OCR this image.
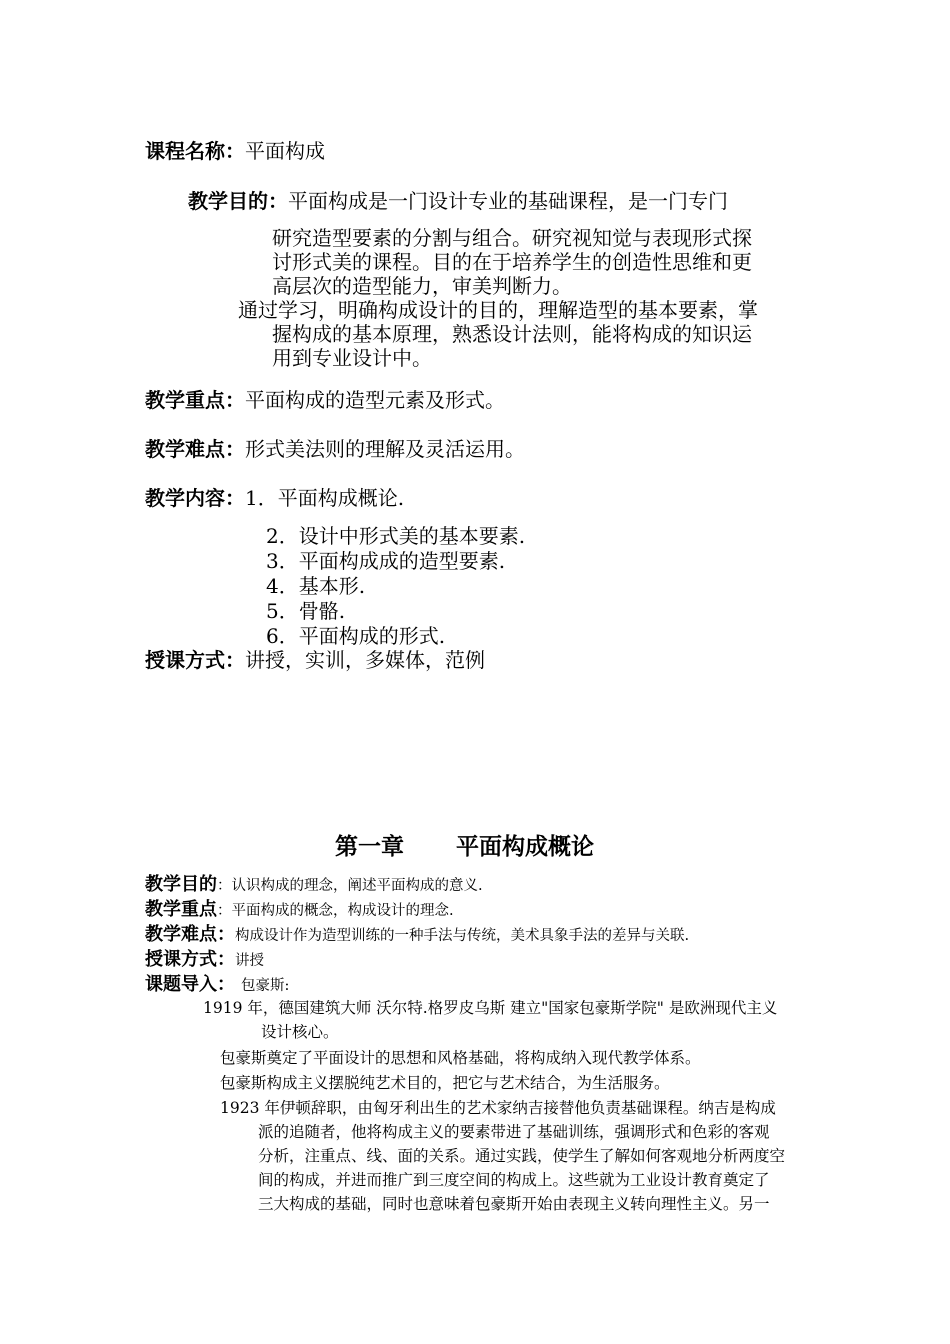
课程名称：平面构成
教学目的：平面构成是一门设计专业的基础课程，是一门专门
研究造型要素的分割与组合。研究视知觉与表现形式探
讨形式美的课程。目的在于培养学生的创造性思维和更
高层次的造型能力，审美判断力。
通过学习，明确构成设计的目的，理解造型的基本要素，掌
握构成的基本原理，熟悉设计法则，能将构成的知识运
用到专业设计中。
教学重点：平面构成的造型元素及形式。
教学难点：形式美法则的理解及灵活运用。
教学内容：1．平面构成概论.
2．设计中形式美的基本要素.
3．平面构成成的造型要素.
4．基本形.
5．骨骼.
6．平面构成的形式.
授课方式：讲授，实训，多媒体，范例
第一章 平面构成概论
教学目的：认识构成的理念，阐述平面构成的意义.
教学重点：平面构成的概念，构成设计的理念.
教学难点：构成设计作为造型训练的一种手法与传统，美术具象手法的差异与关联.
授课方式：讲授
课题导入： 包豪斯:
1919 年，德国建筑大师 沃尔特.格罗皮乌斯 建立"国家包豪斯学院" 是欧洲现代主义
设计核心。
包豪斯奠定了平面设计的思想和风格基础，将构成纳入现代教学体系。
包豪斯构成主义摆脱纯艺术目的，把它与艺术结合，为生活服务。
1923 年伊顿辞职，由匈牙利出生的艺术家纳吉接替他负责基础课程。纳吉是构成
派的追随者，他将构成主义的要素带进了基础训练，强调形式和色彩的客观
分析，注重点、线、面的关系。通过实践，使学生了解如何客观地分析两度空
间的构成，并进而推广到三度空间的构成上。这些就为工业设计教育奠定了
三大构成的基础，同时也意味着包豪斯开始由表现主义转向理性主义。另一
